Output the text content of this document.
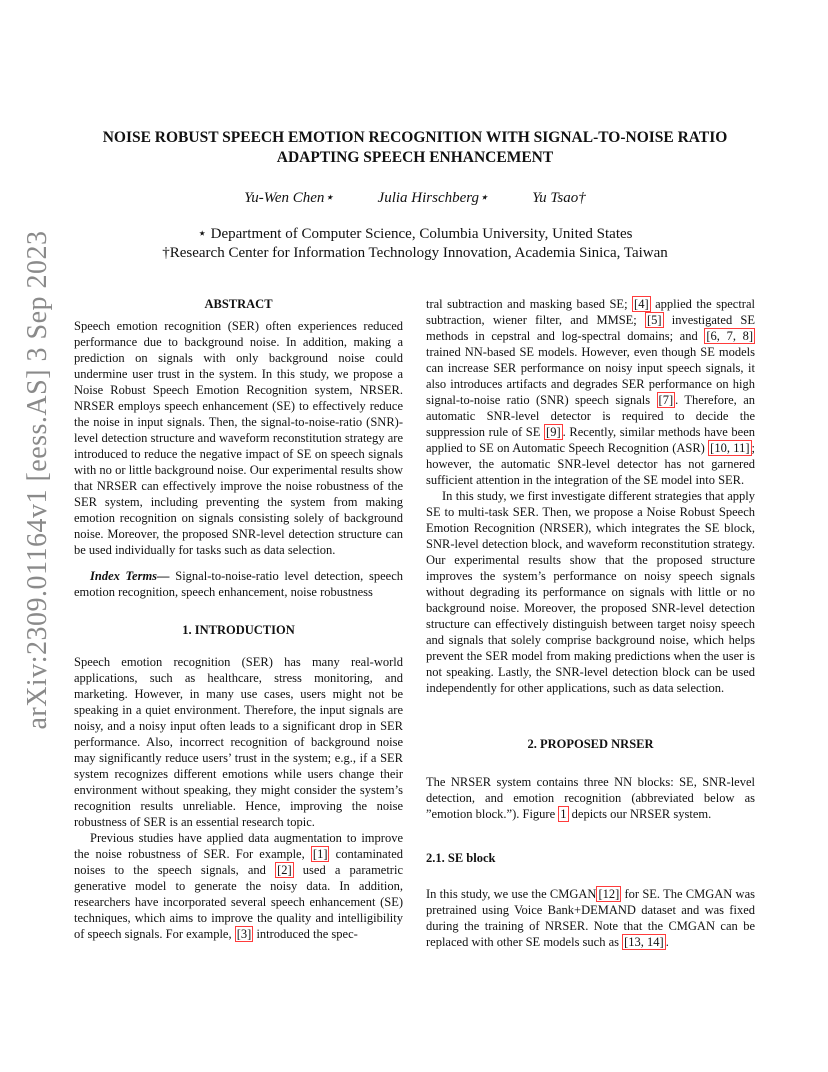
arXiv:2309.01164v1 [eess.AS] 3 Sep 2023
NOISE ROBUST SPEECH EMOTION RECOGNITION WITH SIGNAL-TO-NOISE RATIO
ADAPTING SPEECH ENHANCEMENT
Yu-Wen Chen⋆	Julia Hirschberg⋆	Yu Tsao†
⋆ Department of Computer Science, Columbia University, United States
†Research Center for Information Technology Innovation, Academia Sinica, Taiwan
ABSTRACT

Speech emotion recognition (SER) often experiences reduced performance due to background noise. In addition, making a prediction on signals with only background noise could undermine user trust in the system. In this study, we propose a Noise Robust Speech Emotion Recognition system, NRSER. NRSER employs speech enhancement (SE) to effectively reduce the noise in input signals. Then, the signal-to-noise-ratio (SNR)-level detection structure and waveform reconstitution strategy are introduced to reduce the negative impact of SE on speech signals with no or little background noise. Our experimental results show that NRSER can effectively improve the noise robustness of the SER system, including preventing the system from making emotion recognition on signals consisting solely of background noise. Moreover, the proposed SNR-level detection structure can be used individually for tasks such as data selection.

Index Terms— Signal-to-noise-ratio level detection, speech emotion recognition, speech enhancement, noise robustness

1. INTRODUCTION

Speech emotion recognition (SER) has many real-world applications, such as healthcare, stress monitoring, and marketing. However, in many use cases, users might not be speaking in a quiet environment. Therefore, the input signals are noisy, and a noisy input often leads to a significant drop in SER performance. Also, incorrect recognition of background noise may significantly reduce users’ trust in the system; e.g., if a SER system recognizes different emotions while users change their environment without speaking, they might consider the system’s recognition results unreliable. Hence, improving the noise robustness of SER is an essential research topic.

Previous studies have applied data augmentation to improve the noise robustness of SER. For example, [1] contaminated noises to the speech signals, and [2] used a parametric generative model to generate the noisy data. In addition, researchers have incorporated several speech enhancement (SE) techniques, which aims to improve the quality and intelligibility of speech signals. For example, [3] introduced the spec-

tral subtraction and masking based SE; [4] applied the spectral subtraction, wiener filter, and MMSE; [5] investigated SE methods in cepstral and log-spectral domains; and [6, 7, 8] trained NN-based SE models. However, even though SE models can increase SER performance on noisy input speech signals, it also introduces artifacts and degrades SER performance on high signal-to-noise ratio (SNR) speech signals [7] . Therefore, an automatic SNR-level detector is required to decide the suppression rule of SE [9] . Recently, similar methods have been applied to SE on Automatic Speech Recognition (ASR) [10, 11] ; however, the automatic SNR-level detector has not garnered sufficient attention in the integration of the SE model into SER.

In this study, we first investigate different strategies that apply SE to multi-task SER. Then, we propose a Noise Robust Speech Emotion Recognition (NRSER), which integrates the SE block, SNR-level detection block, and waveform reconstitution strategy. Our experimental results show that the proposed structure improves the system’s performance on noisy speech signals without degrading its performance on signals with little or no background noise. Moreover, the proposed SNR-level detection structure can effectively distinguish between target noisy speech and signals that solely comprise background noise, which helps prevent the SER model from making predictions when the user is not speaking. Lastly, the SNR-level detection block can be used independently for other applications, such as data selection.

2. PROPOSED NRSER

The NRSER system contains three NN blocks: SE, SNR-level detection, and emotion recognition (abbreviated below as ”emotion block.”). Figure 1 depicts our NRSER system.

2.1. SE block

In this study, we use the CMGAN [12] for SE. The CMGAN was pretrained using Voice Bank+DEMAND dataset and was fixed during the training of NRSER. Note that the CMGAN can be replaced with other SE models such as [13, 14] .
